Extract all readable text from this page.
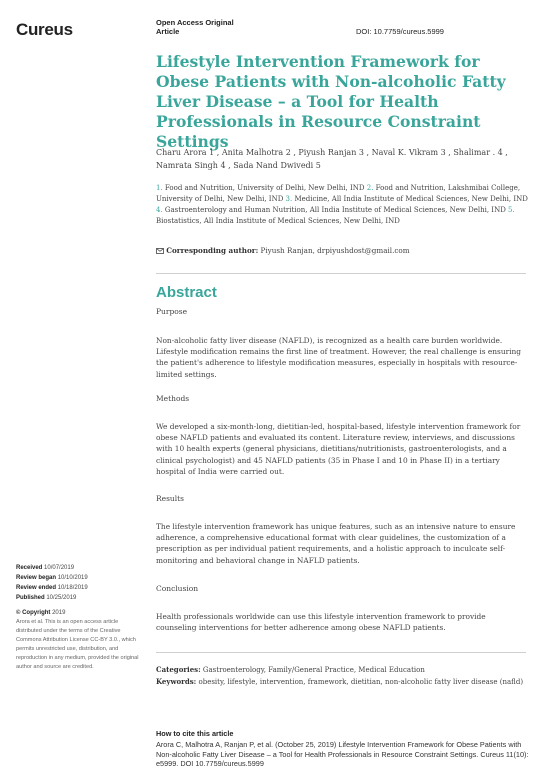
Cureus	Open Access Original
Article	DOI: 10.7759/cureus.5999
Lifestyle Intervention Framework for Obese Patients with Non-alcoholic Fatty Liver Disease – a Tool for Health Professionals in Resource Constraint Settings
Charu Arora 1 , Anita Malhotra 2 , Piyush Ranjan 3 , Naval K. Vikram 3 , Shalimar . 4 , Namrata Singh 4 , Sada Nand Dwivedi 5
1. Food and Nutrition, University of Delhi, New Delhi, IND 2. Food and Nutrition, Lakshmibai College, University of Delhi, New Delhi, IND 3. Medicine, All India Institute of Medical Sciences, New Delhi, IND 4. Gastroenterology and Human Nutrition, All India Institute of Medical Sciences, New Delhi, IND 5. Biostatistics, All India Institute of Medical Sciences, New Delhi, IND
Corresponding author: Piyush Ranjan, drpiyushdost@gmail.com
Abstract
Purpose
Non-alcoholic fatty liver disease (NAFLD), is recognized as a health care burden worldwide. Lifestyle modification remains the first line of treatment. However, the real challenge is ensuring the patient's adherence to lifestyle modification measures, especially in hospitals with resource-limited settings.
Methods
We developed a six-month-long, dietitian-led, hospital-based, lifestyle intervention framework for obese NAFLD patients and evaluated its content. Literature review, interviews, and discussions with 10 health experts (general physicians, dietitians/nutritionists, gastroenterologists, and a clinical psychologist) and 45 NAFLD patients (35 in Phase I and 10 in Phase II) in a tertiary hospital of India were carried out.
Results
The lifestyle intervention framework has unique features, such as an intensive nature to ensure adherence, a comprehensive educational format with clear guidelines, the customization of a prescription as per individual patient requirements, and a holistic approach to inculcate self-monitoring and behavioral change in NAFLD patients.
Conclusion
Health professionals worldwide can use this lifestyle intervention framework to provide counseling interventions for better adherence among obese NAFLD patients.
Received 10/07/2019
Review began 10/10/2019
Review ended 10/18/2019
Published 10/25/2019
© Copyright 2019
Arora et al. This is an open access article distributed under the terms of the Creative Commons Attribution License CC-BY 3.0., which permits unrestricted use, distribution, and reproduction in any medium, provided the original author and source are credited.	Categories: Gastroenterology, Family/General Practice, Medical Education
Keywords: obesity, lifestyle, intervention, framework, dietitian, non-alcoholic fatty liver disease (nafld)
How to cite this article
Arora C, Malhotra A, Ranjan P, et al. (October 25, 2019) Lifestyle Intervention Framework for Obese Patients with Non-alcoholic Fatty Liver Disease – a Tool for Health Professionals in Resource Constraint Settings. Cureus 11(10): e5999. DOI 10.7759/cureus.5999
